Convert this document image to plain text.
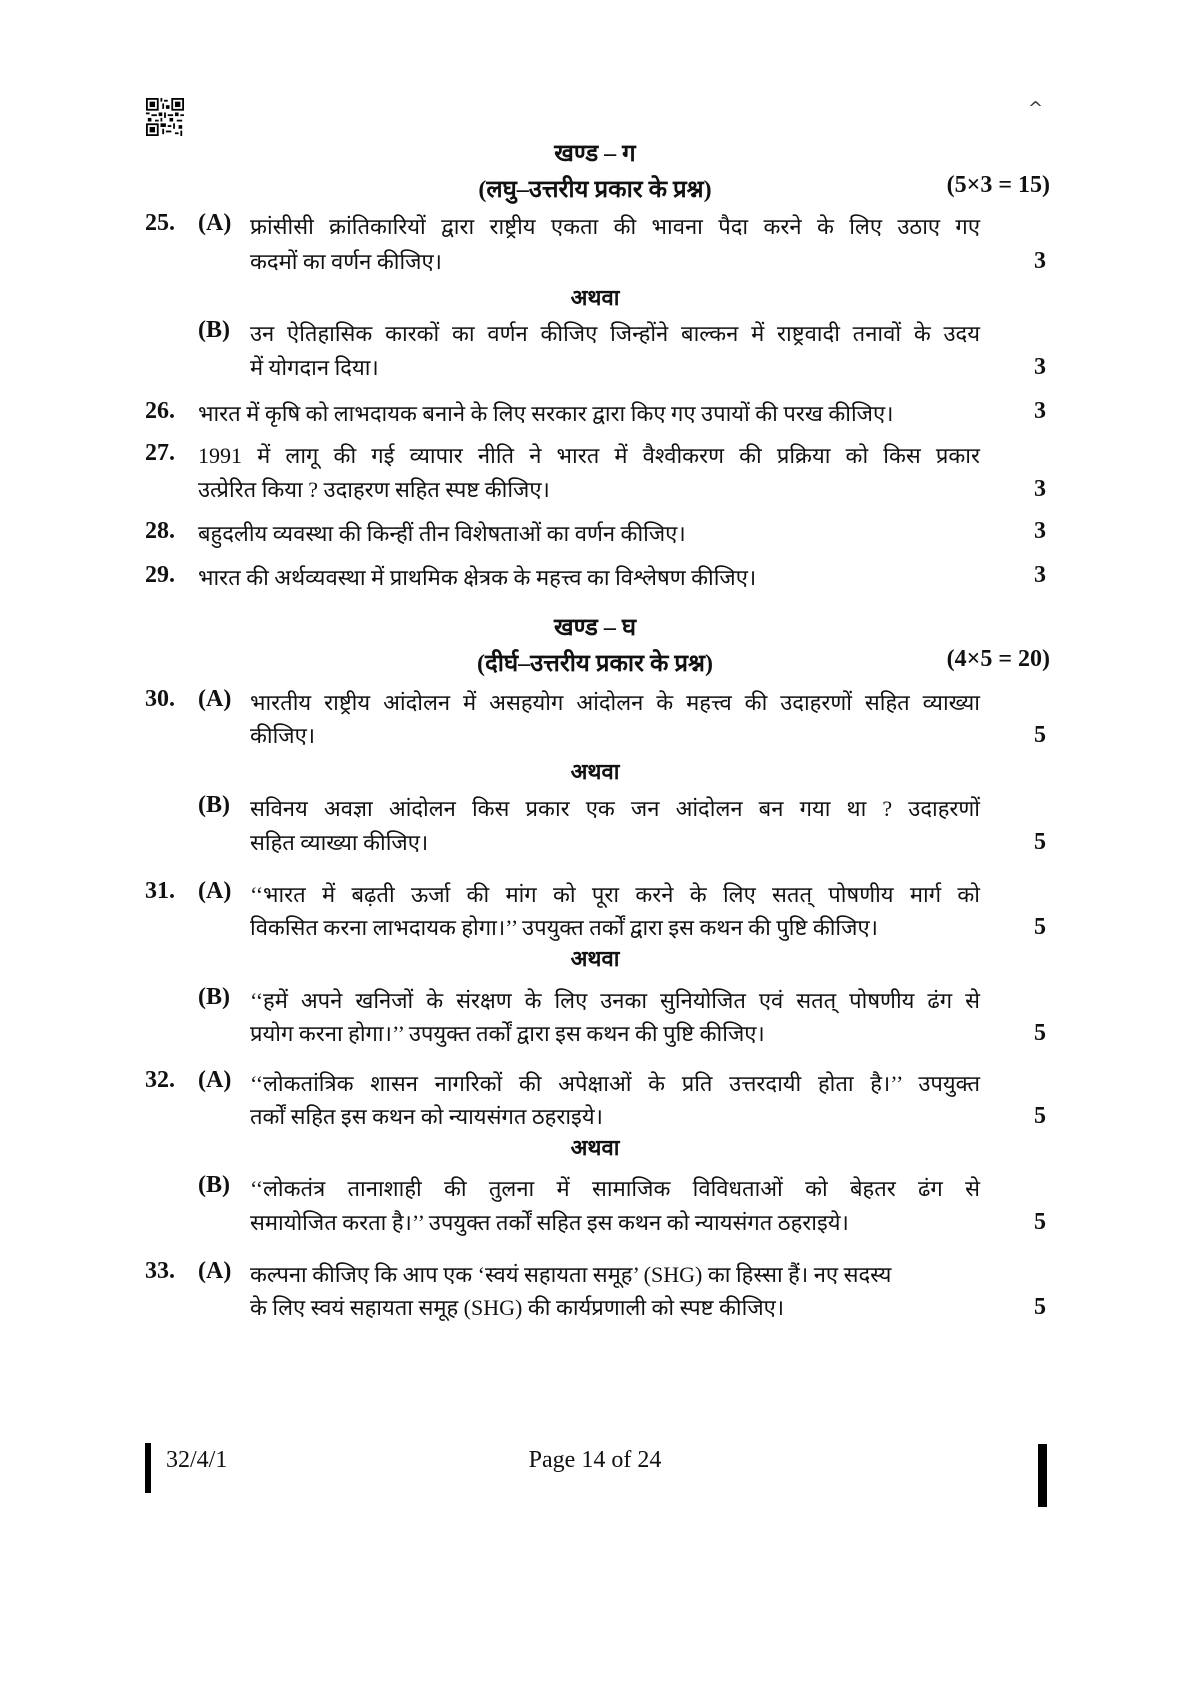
^
खण्ड – ग
(लघु–उत्तरीय प्रकार के प्रश्न)	(5×3 = 15)
25. (A) फ्रांसीसी क्रांतिकारियों द्वारा राष्ट्रीय एकता की भावना पैदा करने के लिए उठाए गए
कदमों का वर्णन कीजिए।	3
अथवा
(B) उन ऐतिहासिक कारकों का वर्णन कीजिए जिन्होंने बाल्कन में राष्ट्रवादी तनावों के उदय
में योगदान दिया।	3
26. भारत में कृषि को लाभदायक बनाने के लिए सरकार द्वारा किए गए उपायों की परख कीजिए।	3
27. 1991 में लागू की गई व्यापार नीति ने भारत में वैश्वीकरण की प्रक्रिया को किस प्रकार
उत्प्रेरित किया ? उदाहरण सहित स्पष्ट कीजिए।	3
28. बहुदलीय व्यवस्था की किन्हीं तीन विशेषताओं का वर्णन कीजिए।	3
29. भारत की अर्थव्यवस्था में प्राथमिक क्षेत्रक के महत्त्व का विश्लेषण कीजिए।	3
खण्ड – घ
(दीर्घ–उत्तरीय प्रकार के प्रश्न)	(4×5 = 20)
30. (A) भारतीय राष्ट्रीय आंदोलन में असहयोग आंदोलन के महत्त्व की उदाहरणों सहित व्याख्या
कीजिए।	5
अथवा
(B) सविनय अवज्ञा आंदोलन किस प्रकार एक जन आंदोलन बन गया था ? उदाहरणों
सहित व्याख्या कीजिए।	5
31. (A) ‘‘भारत में बढ़ती ऊर्जा की मांग को पूरा करने के लिए सतत् पोषणीय मार्ग को
विकसित करना लाभदायक होगा।’’ उपयुक्त तर्कों द्वारा इस कथन की पुष्टि कीजिए।	5
अथवा
(B) ‘‘हमें अपने खनिजों के संरक्षण के लिए उनका सुनियोजित एवं सतत् पोषणीय ढंग से
प्रयोग करना होगा।’’ उपयुक्त तर्कों द्वारा इस कथन की पुष्टि कीजिए।	5
32. (A) ‘‘लोकतांत्रिक शासन नागरिकों की अपेक्षाओं के प्रति उत्तरदायी होता है।’’ उपयुक्त
तर्कों सहित इस कथन को न्यायसंगत ठहराइये।	5
अथवा
(B) ‘‘लोकतंत्र तानाशाही की तुलना में सामाजिक विविधताओं को बेहतर ढंग से
समायोजित करता है।’’ उपयुक्त तर्कों सहित इस कथन को न्यायसंगत ठहराइये।	5
33. (A) कल्पना कीजिए कि आप एक ‘स्वयं सहायता समूह’ (SHG) का हिस्सा हैं। नए सदस्य
के लिए स्वयं सहायता समूह (SHG) की कार्यप्रणाली को स्पष्ट कीजिए।	5
32/4/1	Page 14 of 24
